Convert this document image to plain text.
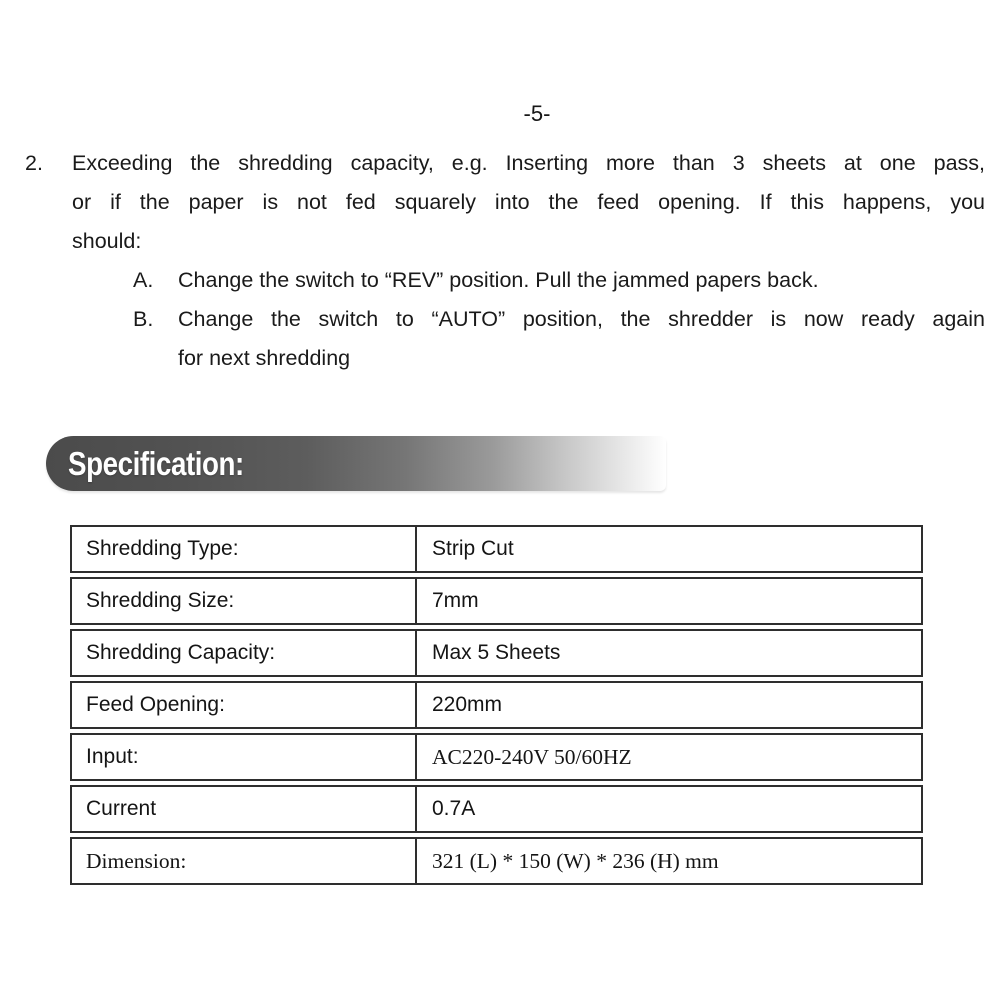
-5-
2. Exceeding the shredding capacity, e.g. Inserting more than 3 sheets at one pass,
or if the paper is not fed squarely into the feed opening. If this happens, you
should:
A. Change the switch to “REV” position. Pull the jammed papers back.
B. Change the switch to “AUTO” position, the shredder is now ready again
for next shredding
Specification:
Shredding Type:	Strip Cut
Shredding Size:	7mm
Shredding Capacity:	Max 5 Sheets
Feed Opening:	220mm
Input:	AC220-240V 50/60HZ
Current	0.7A
Dimension:	321 (L) * 150 (W) * 236 (H) mm
